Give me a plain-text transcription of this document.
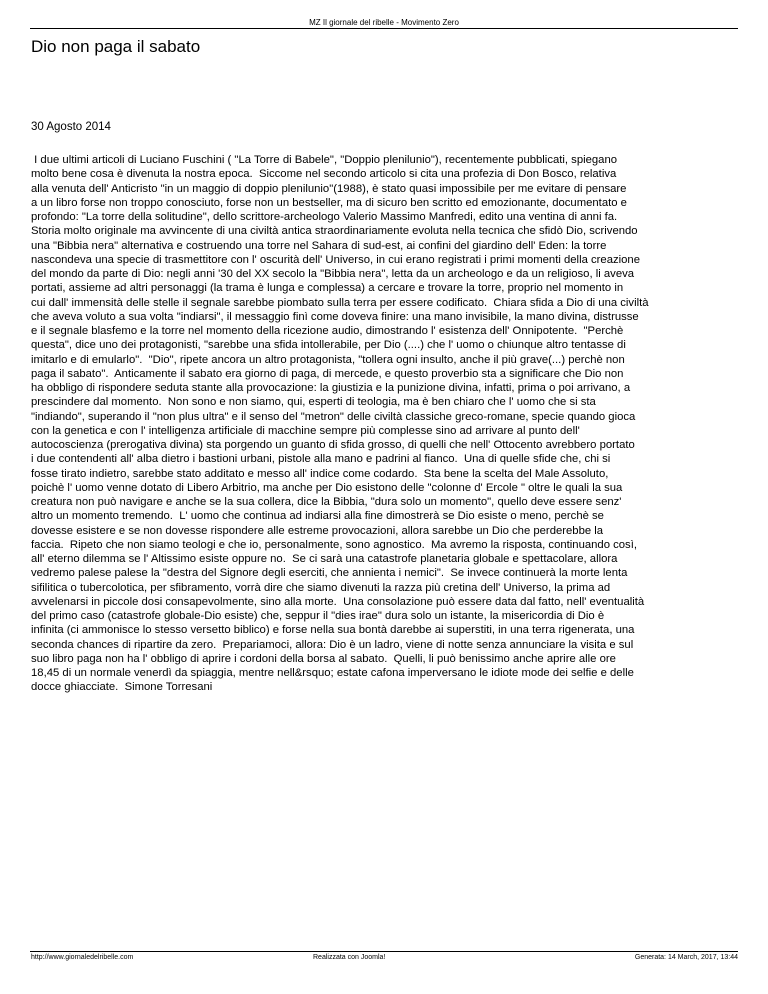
MZ Il giornale del ribelle - Movimento Zero
Dio non paga il sabato
30 Agosto 2014

I due ultimi articoli di Luciano Fuschini ( "La Torre di Babele", "Doppio plenilunio"), recentemente pubblicati, spiegano
molto bene cosa è divenuta la nostra epoca.  Siccome nel secondo articolo si cita una profezia di Don Bosco, relativa
alla venuta dell' Anticristo "in un maggio di doppio plenilunio"(1988), è stato quasi impossibile per me evitare di pensare
a un libro forse non troppo conosciuto, forse non un bestseller, ma di sicuro ben scritto ed emozionante, documentato e
profondo: "La torre della solitudine", dello scrittore-archeologo Valerio Massimo Manfredi, edito una ventina di anni fa.
Storia molto originale ma avvincente di una civiltà antica straordinariamente evoluta nella tecnica che sfidò Dio, scrivendo
una "Bibbia nera" alternativa e costruendo una torre nel Sahara di sud-est, ai confini del giardino dell' Eden: la torre
nascondeva una specie di trasmettitore con l' oscurità dell' Universo, in cui erano registrati i primi momenti della creazione
del mondo da parte di Dio: negli anni '30 del XX secolo la "Bibbia nera", letta da un archeologo e da un religioso, li aveva
portati, assieme ad altri personaggi (la trama è lunga e complessa) a cercare e trovare la torre, proprio nel momento in
cui dall' immensità delle stelle il segnale sarebbe piombato sulla terra per essere codificato.  Chiara sfida a Dio di una civiltà
che aveva voluto a sua volta "indiarsi", il messaggio finì come doveva finire: una mano invisibile, la mano divina, distrusse
e il segnale blasfemo e la torre nel momento della ricezione audio, dimostrando l' esistenza dell' Onnipotente.  "Perchè
questa", dice uno dei protagonisti, "sarebbe una sfida intollerabile, per Dio (....) che l' uomo o chiunque altro tentasse di
imitarlo e di emularlo".  "Dio", ripete ancora un altro protagonista, "tollera ogni insulto, anche il più grave(...) perchè non
paga il sabato".  Anticamente il sabato era giorno di paga, di mercede, e questo proverbio sta a significare che Dio non
ha obbligo di rispondere seduta stante alla provocazione: la giustizia e la punizione divina, infatti, prima o poi arrivano, a
prescindere dal momento.  Non sono e non siamo, qui, esperti di teologia, ma è ben chiaro che l' uomo che si sta
"indiando", superando il "non plus ultra" e il senso del "metron" delle civiltà classiche greco-romane, specie quando gioca
con la genetica e con l' intelligenza artificiale di macchine sempre più complesse sino ad arrivare al punto dell'
autocoscienza (prerogativa divina) sta porgendo un guanto di sfida grosso, di quelli che nell' Ottocento avrebbero portato
i due contendenti all' alba dietro i bastioni urbani, pistole alla mano e padrini al fianco.  Una di quelle sfide che, chi si
fosse tirato indietro, sarebbe stato additato e messo all' indice come codardo.  Sta bene la scelta del Male Assoluto,
poichè l' uomo venne dotato di Libero Arbitrio, ma anche per Dio esistono delle "colonne d' Ercole " oltre le quali la sua
creatura non può navigare e anche se la sua collera, dice la Bibbia, "dura solo un momento", quello deve essere senz'
altro un momento tremendo.  L' uomo che continua ad indiarsi alla fine dimostrerà se Dio esiste o meno, perchè se
dovesse esistere e se non dovesse rispondere alle estreme provocazioni, allora sarebbe un Dio che perderebbe la
faccia.  Ripeto che non siamo teologi e che io, personalmente, sono agnostico.  Ma avremo la risposta, continuando così,
all' eterno dilemma se l' Altissimo esiste oppure no.  Se ci sarà una catastrofe planetaria globale e spettacolare, allora
vedremo palese palese la "destra del Signore degli eserciti, che annienta i nemici".  Se invece continuerà la morte lenta
sifilitica o tubercolotica, per sfibramento, vorrà dire che siamo divenuti la razza più cretina dell' Universo, la prima ad
avvelenarsi in piccole dosi consapevolmente, sino alla morte.  Una consolazione può essere data dal fatto, nell' eventualità
del primo caso (catastrofe globale-Dio esiste) che, seppur il "dies irae" dura solo un istante, la misericordia di Dio è
infinita (ci ammonisce lo stesso versetto biblico) e forse nella sua bontà darebbe ai superstiti, in una terra rigenerata, una
seconda chances di ripartire da zero.  Prepariamoci, allora: Dio è un ladro, viene di notte senza annunciare la visita e sul
suo libro paga non ha l' obbligo di aprire i cordoni della borsa al sabato.  Quelli, li può benissimo anche aprire alle ore
18,45 di un normale venerdì da spiaggia, mentre nell&rsquo; estate cafona imperversano le idiote mode dei selfie e delle
docce ghiacciate.  Simone Torresani

http://www.giornaledelribelle.com	Realizzata con Joomla!	Generata: 14 March, 2017, 13:44
